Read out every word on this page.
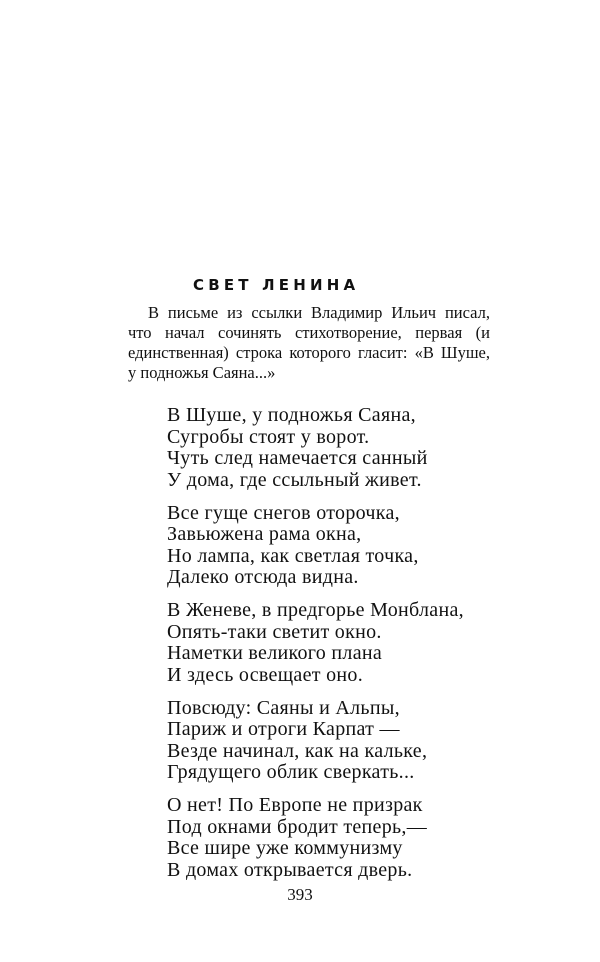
СВЕТ ЛЕНИНА
В письме из ссылки Владимир Ильич писал,
что начал сочинять стихотворение, первая (и
единственная) строка которого гласит: «В Шуше,
у подножья Саяна...»
В Шуше, у подножья Саяна,
Сугробы стоят у ворот.
Чуть след намечается санный
У дома, где ссыльный живет.
Все гуще снегов оторочка,
Завьюжена рама окна,
Но лампа, как светлая точка,
Далеко отсюда видна.
В Женеве, в предгорье Монблана,
Опять-таки светит окно.
Наметки великого плана
И здесь освещает оно.
Повсюду: Саяны и Альпы,
Париж и отроги Карпат —
Везде начинал, как на кальке,
Грядущего облик сверкать...
О нет! По Европе не призрак
Под окнами бродит теперь,—
Все шире уже коммунизму
В домах открывается дверь.
393
